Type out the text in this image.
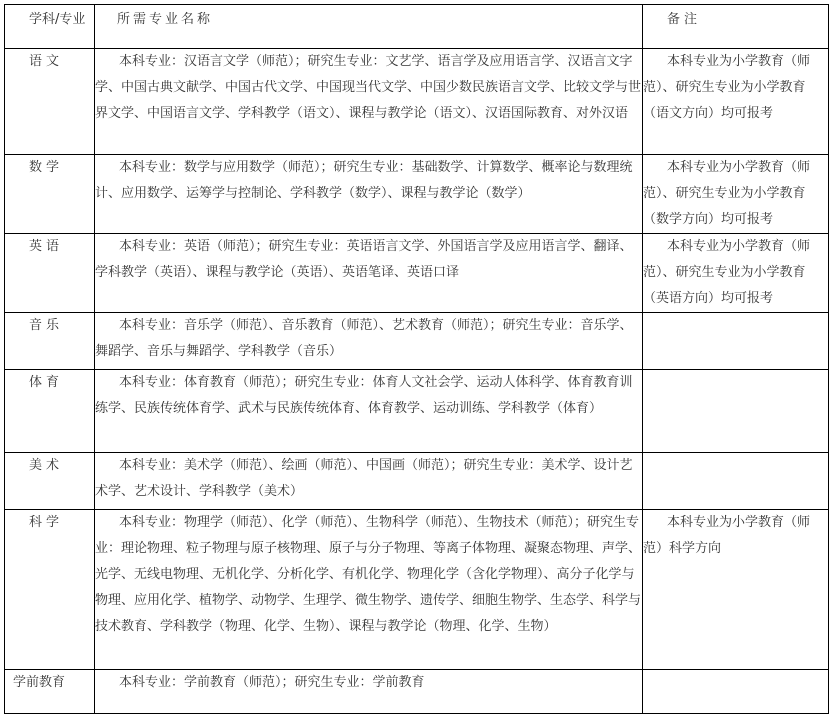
学科/专业	所需专业名称	备注
语文	本科专业：汉语言文学（师范）；研究生专业：文艺学、语言学及应用语言学、汉语言文字学、中国古典文献学、中国古代文学、中国现当代文学、中国少数民族语言文学、比较文学与世界文学、中国语言文学、学科教学（语文）、课程与教学论（语文）、汉语国际教育、对外汉语	本科专业为小学教育（师范）、研究生专业为小学教育（语文方向）均可报考
数学	本科专业：数学与应用数学（师范）；研究生专业：基础数学、计算数学、概率论与数理统计、应用数学、运筹学与控制论、学科教学（数学）、课程与教学论（数学）	本科专业为小学教育（师范）、研究生专业为小学教育（数学方向）均可报考
英语	本科专业：英语（师范）；研究生专业：英语语言文学、外国语言学及应用语言学、翻译、学科教学（英语）、课程与教学论（英语）、英语笔译、英语口译	本科专业为小学教育（师范）、研究生专业为小学教育（英语方向）均可报考
音乐	本科专业：音乐学（师范）、音乐教育（师范）、艺术教育（师范）；研究生专业：音乐学、舞蹈学、音乐与舞蹈学、学科教学（音乐）	
体育	本科专业：体育教育（师范）；研究生专业：体育人文社会学、运动人体科学、体育教育训练学、民族传统体育学、武术与民族传统体育、体育教学、运动训练、学科教学（体育）	
美术	本科专业：美术学（师范）、绘画（师范）、中国画（师范）；研究生专业：美术学、设计艺术学、艺术设计、学科教学（美术）	
科学	本科专业：物理学（师范）、化学（师范）、生物科学（师范）、生物技术（师范）；研究生专业：理论物理、粒子物理与原子核物理、原子与分子物理、等离子体物理、凝聚态物理、声学、光学、无线电物理、无机化学、分析化学、有机化学、物理化学（含化学物理）、高分子化学与物理、应用化学、植物学、动物学、生理学、微生物学、遗传学、细胞生物学、生态学、科学与技术教育、学科教学（物理、化学、生物）、课程与教学论（物理、化学、生物）	本科专业为小学教育（师范）科学方向
学前教育	本科专业：学前教育（师范）；研究生专业：学前教育	
